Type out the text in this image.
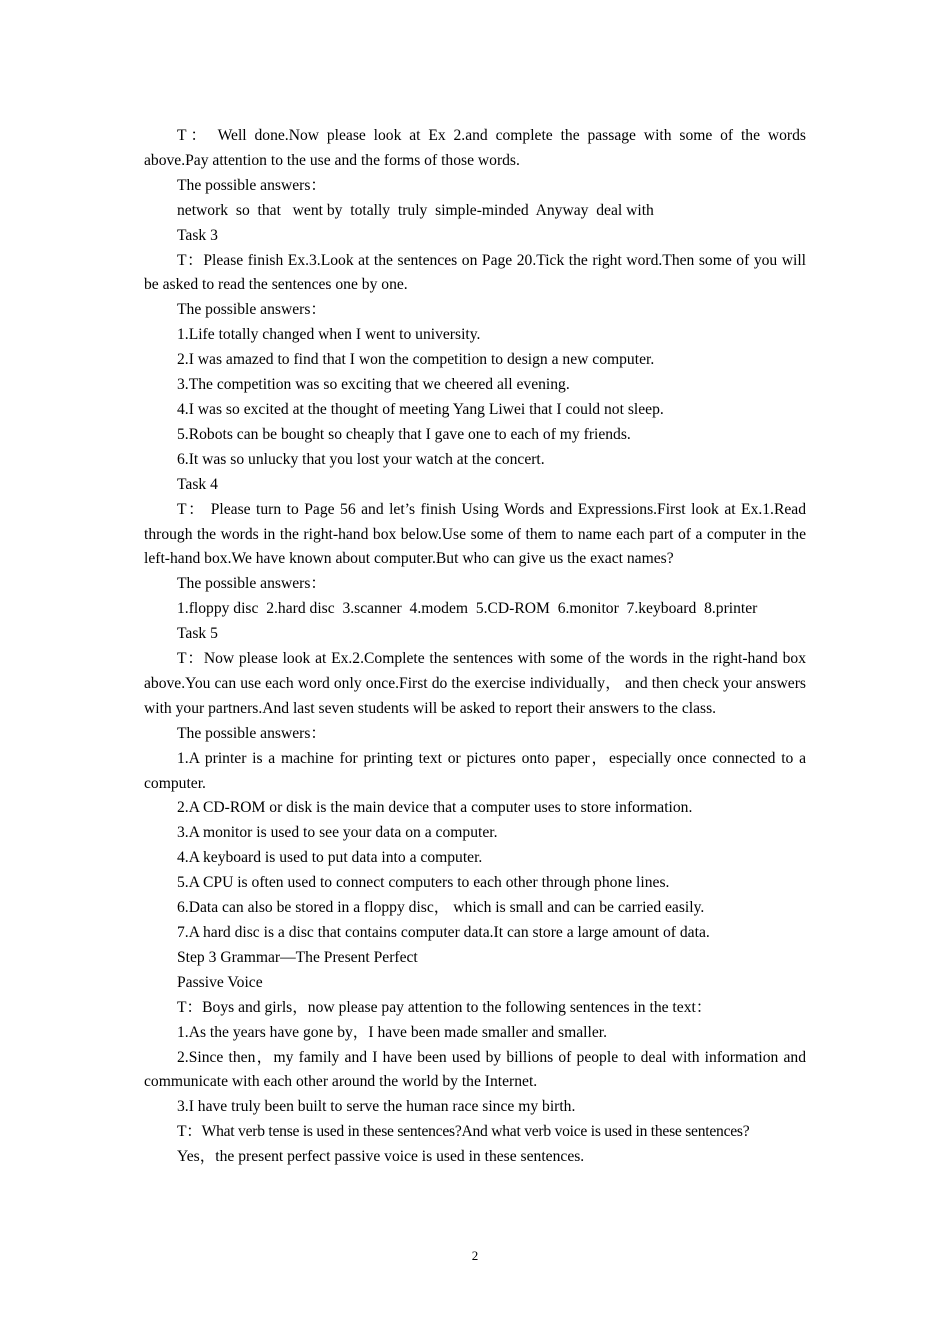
T： Well done.Now please look at Ex 2.and complete the passage with some of the words above.Pay attention to the use and the forms of those words.

The possible answers：

network  so  that   went by  totally  truly  simple-minded  Anyway  deal with

Task 3

T：Please finish Ex.3.Look at the sentences on Page 20.Tick the right word.Then some of you will be asked to read the sentences one by one.

The possible answers：

1.Life totally changed when I went to university.

2.I was amazed to find that I won the competition to design a new computer.

3.The competition was so exciting that we cheered all evening.

4.I was so excited at the thought of meeting Yang Liwei that I could not sleep.

5.Robots can be bought so cheaply that I gave one to each of my friends.

6.It was so unlucky that you lost your watch at the concert.

Task 4

T： Please turn to Page 56 and let’s finish Using Words and Expressions.First look at Ex.1.Read through the words in the right-hand box below.Use some of them to name each part of a computer in the left-hand box.We have known about computer.But who can give us the exact names?

The possible answers：

1.floppy disc  2.hard disc  3.scanner  4.modem  5.CD-ROM  6.monitor  7.keyboard  8.printer

Task 5

T：Now please look at Ex.2.Complete the sentences with some of the words in the right-hand box above.You can use each word only once.First do the exercise individually， and then check your answers with your partners.And last seven students will be asked to report their answers to the class.

The possible answers：

1.A printer is a machine for printing text or pictures onto paper，especially once connected to a computer.

2.A CD-ROM or disk is the main device that a computer uses to store information.

3.A monitor is used to see your data on a computer.

4.A keyboard is used to put data into a computer.

5.A CPU is often used to connect computers to each other through phone lines.

6.Data can also be stored in a floppy disc， which is small and can be carried easily.

7.A hard disc is a disc that contains computer data.It can store a large amount of data.

Step 3 Grammar—The Present Perfect

Passive Voice

T：Boys and girls，now please pay attention to the following sentences in the text：

1.As the years have gone by，I have been made smaller and smaller.

2.Since then，my family and I have been used by billions of people to deal with information and communicate with each other around the world by the Internet.

3.I have truly been built to serve the human race since my birth.

T：What verb tense is used in these sentences?And what verb voice is used in these sentences?

Yes，the present perfect passive voice is used in these sentences.

2
